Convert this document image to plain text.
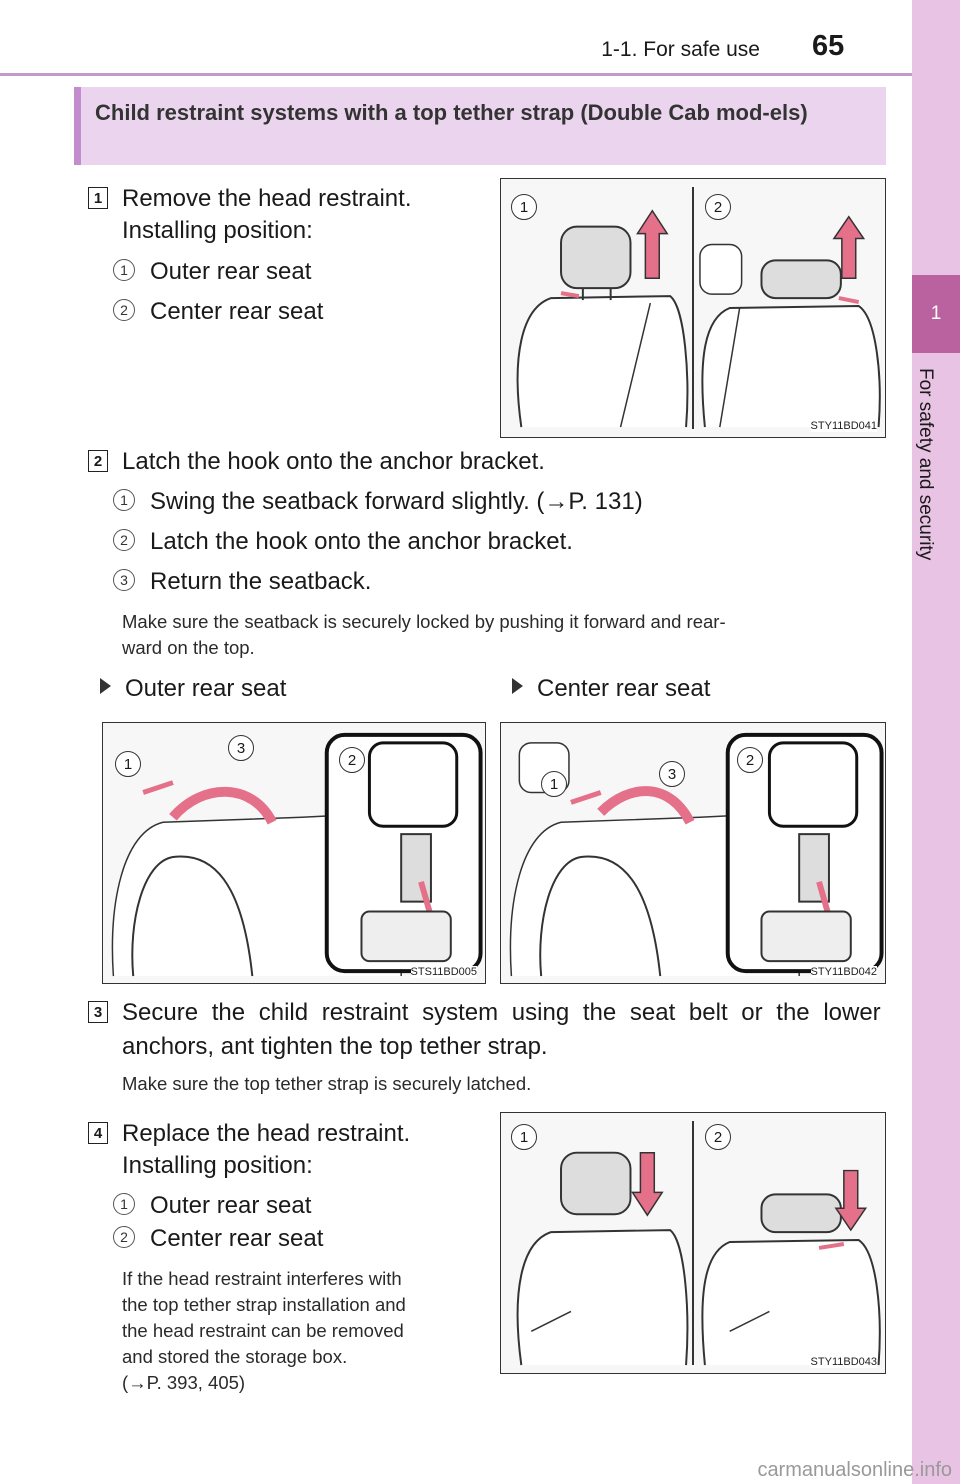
1-1. For safe use 65
1
For safety and security
Child restraint systems with a top tether strap (Double Cab mod-els)
1 Remove the head restraint.
Installing position:
1 Outer rear seat
2 Center rear seat
1	2
STY11BD041
2 Latch the hook onto the anchor bracket.
1 Swing the seatback forward slightly. (→P. 131)
2 Latch the hook onto the anchor bracket.
3 Return the seatback.
Make sure the seatback is securely locked by pushing it forward and rear-
ward on the top.
Outer rear seat	Center rear seat
1
3
2
STS11BD005
1
3
2
STY11BD042
3 Secure the child restraint system using the seat belt or the lower
anchors, ant tighten the top tether strap.
Make sure the top tether strap is securely latched.
4 Replace the head restraint.
Installing position:
1 Outer rear seat
2 Center rear seat
If the head restraint interferes with
the top tether strap installation and
the head restraint can be removed
and stored the storage box.
(→P. 393, 405)
1	2
STY11BD043
carmanualsonline.info
